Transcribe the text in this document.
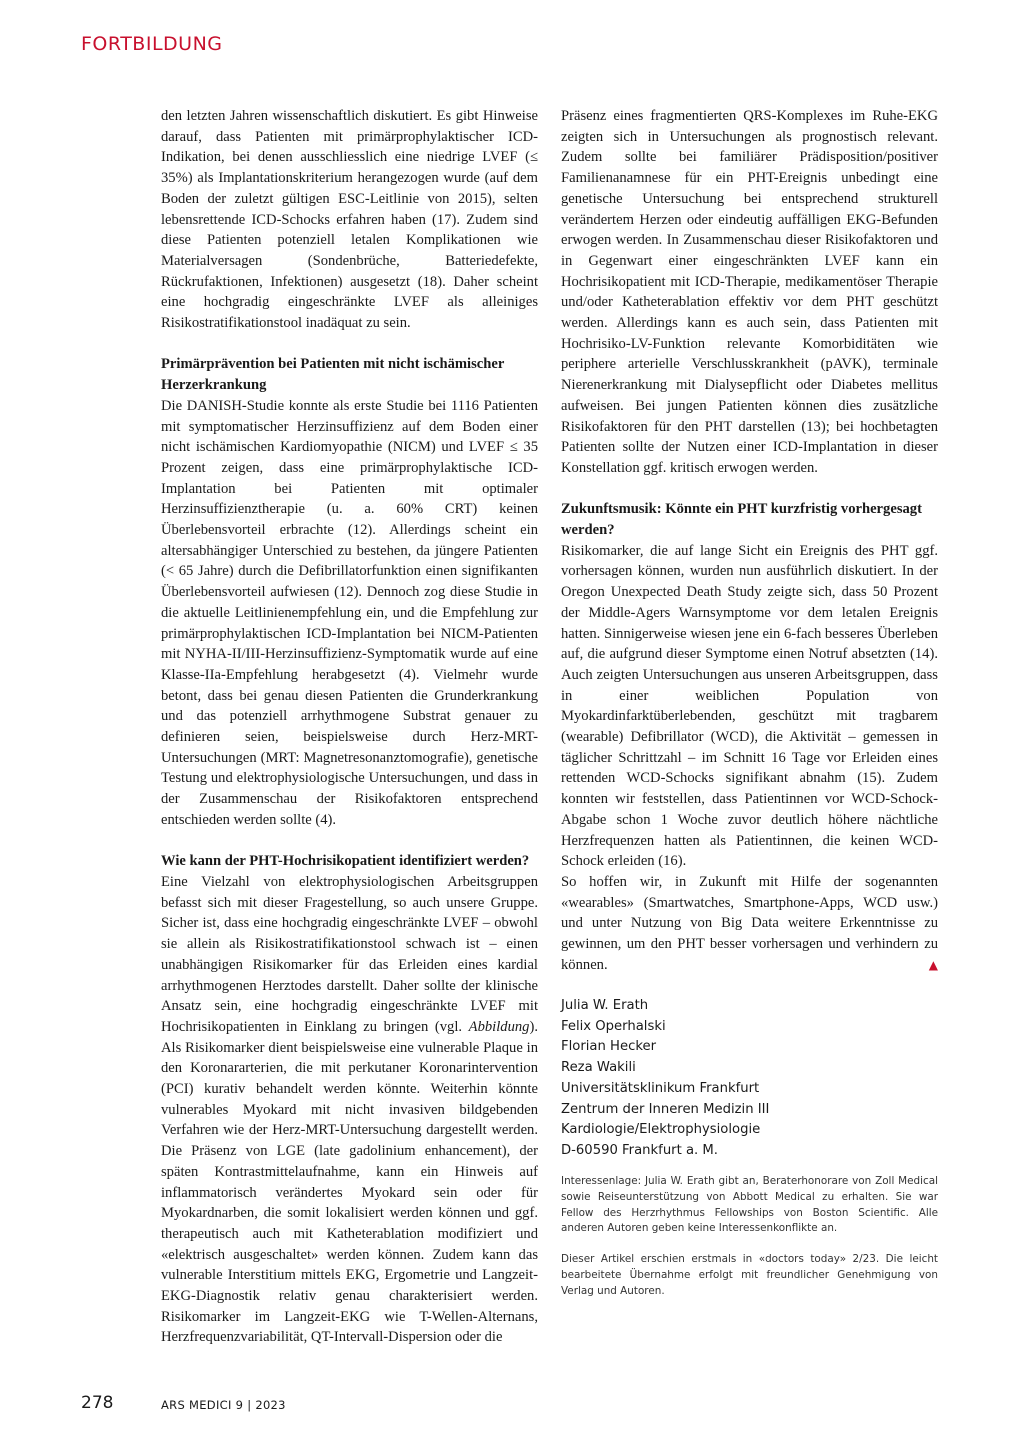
FORTBILDUNG

den letzten Jahren wissenschaftlich diskutiert. Es gibt Hinweise darauf, dass Patienten mit primärprophylaktischer ICD-Indikation, bei denen ausschliesslich eine niedrige LVEF (≤ 35%) als Implantationskriterium herangezogen wurde (auf dem Boden der zuletzt gültigen ESC-Leitlinie von 2015), selten lebensrettende ICD-Schocks erfahren haben (17). Zudem sind diese Patienten potenziell letalen Komplikationen wie Materialversagen (Sondenbrüche, Batteriedefekte, Rückrufaktionen, Infektionen) ausgesetzt (18). Daher scheint eine hochgradig eingeschränkte LVEF als alleiniges Risikostratifikationstool inadäquat zu sein.

Primärprävention bei Patienten mit nicht ischämischer Herzerkrankung

Die DANISH-Studie konnte als erste Studie bei 1116 Patienten mit symptomatischer Herzinsuffizienz auf dem Boden einer nicht ischämischen Kardiomyopathie (NICM) und LVEF ≤ 35 Prozent zeigen, dass eine primärprophylaktische ICD-Implantation bei Patienten mit optimaler Herzinsuffizienztherapie (u. a. 60% CRT) keinen Überlebensvorteil erbrachte (12). Allerdings scheint ein altersabhängiger Unterschied zu bestehen, da jüngere Patienten (< 65 Jahre) durch die Defibrillatorfunktion einen signifikanten Überlebensvorteil aufwiesen (12). Dennoch zog diese Studie in die aktuelle Leitlinienempfehlung ein, und die Empfehlung zur primärprophylaktischen ICD-Implantation bei NICM-Patienten mit NYHA-II/III-Herzinsuffizienz-Symptomatik wurde auf eine Klasse-IIa-Empfehlung herabgesetzt (4). Vielmehr wurde betont, dass bei genau diesen Patienten die Grunderkrankung und das potenziell arrhythmogene Substrat genauer zu definieren seien, beispielsweise durch Herz-MRT-Untersuchungen (MRT: Magnetresonanztomografie), genetische Testung und elektrophysiologische Untersuchungen, und dass in der Zusammenschau der Risikofaktoren entsprechend entschieden werden sollte (4).

Wie kann der PHT-Hochrisikopatient identifiziert werden?

Eine Vielzahl von elektrophysiologischen Arbeitsgruppen befasst sich mit dieser Fragestellung, so auch unsere Gruppe. Sicher ist, dass eine hochgradig eingeschränkte LVEF – obwohl sie allein als Risikostratifikationstool schwach ist – einen unabhängigen Risikomarker für das Erleiden eines kardial arrhythmogenen Herztodes darstellt. Daher sollte der klinische Ansatz sein, eine hochgradig eingeschränkte LVEF mit Hochrisikopatienten in Einklang zu bringen (vgl. Abbildung). Als Risikomarker dient beispielsweise eine vulnerable Plaque in den Koronararterien, die mit perkutaner Koronarintervention (PCI) kurativ behandelt werden könnte. Weiterhin könnte vulnerables Myokard mit nicht invasiven bildgebenden Verfahren wie der Herz-MRT-Untersuchung dargestellt werden. Die Präsenz von LGE (late gadolinium enhancement), der späten Kontrastmittelaufnahme, kann ein Hinweis auf inflammatorisch verändertes Myokard sein oder für Myokardnarben, die somit lokalisiert werden können und ggf. therapeutisch auch mit Katheterablation modifiziert und «elektrisch ausgeschaltet» werden können. Zudem kann das vulnerable Interstitium mittels EKG, Ergometrie und Langzeit-EKG-Diagnostik relativ genau charakterisiert werden. Risikomarker im Langzeit-EKG wie T-Wellen-Alternans, Herzfrequenzvariabilität, QT-Intervall-Dispersion oder die

Präsenz eines fragmentierten QRS-Komplexes im Ruhe-EKG zeigten sich in Untersuchungen als prognostisch relevant. Zudem sollte bei familiärer Prädisposition/positiver Familienanamnese für ein PHT-Ereignis unbedingt eine genetische Untersuchung bei entsprechend strukturell verändertem Herzen oder eindeutig auffälligen EKG-Befunden erwogen werden. In Zusammenschau dieser Risikofaktoren und in Gegenwart einer eingeschränkten LVEF kann ein Hochrisikopatient mit ICD-Therapie, medikamentöser Therapie und/oder Katheterablation effektiv vor dem PHT geschützt werden. Allerdings kann es auch sein, dass Patienten mit Hochrisiko-LV-Funktion relevante Komorbiditäten wie periphere arterielle Verschlusskrankheit (pAVK), terminale Nierenerkrankung mit Dialysepflicht oder Diabetes mellitus aufweisen. Bei jungen Patienten können dies zusätzliche Risikofaktoren für den PHT darstellen (13); bei hochbetagten Patienten sollte der Nutzen einer ICD-Implantation in dieser Konstellation ggf. kritisch erwogen werden.

Zukunftsmusik: Könnte ein PHT kurzfristig vorhergesagt werden?

Risikomarker, die auf lange Sicht ein Ereignis des PHT ggf. vorhersagen können, wurden nun ausführlich diskutiert. In der Oregon Unexpected Death Study zeigte sich, dass 50 Prozent der Middle-Agers Warnsymptome vor dem letalen Ereignis hatten. Sinnigerweise wiesen jene ein 6-fach besseres Überleben auf, die aufgrund dieser Symptome einen Notruf absetzten (14). Auch zeigten Untersuchungen aus unseren Arbeitsgruppen, dass in einer weiblichen Population von Myokardinfarktüberlebenden, geschützt mit tragbarem (wearable) Defibrillator (WCD), die Aktivität – gemessen in täglicher Schrittzahl – im Schnitt 16 Tage vor Erleiden eines rettenden WCD-Schocks signifikant abnahm (15). Zudem konnten wir feststellen, dass Patientinnen vor WCD-Schock-Abgabe schon 1 Woche zuvor deutlich höhere nächtliche Herzfrequenzen hatten als Patientinnen, die keinen WCD-Schock erleiden (16).

So hoffen wir, in Zukunft mit Hilfe der sogenannten «wearables» (Smartwatches, Smartphone-Apps, WCD usw.) und unter Nutzung von Big Data weitere Erkenntnisse zu gewinnen, um den PHT besser vorhersagen und verhindern zu können.	▲

Julia W. Erath
Felix Operhalski
Florian Hecker
Reza Wakili
Universitätsklinikum Frankfurt
Zentrum der Inneren Medizin III
Kardiologie/Elektrophysiologie
D-60590 Frankfurt a. M.

Interessenlage: Julia W. Erath gibt an, Beraterhonorare von Zoll Medical sowie Reiseunterstützung von Abbott Medical zu erhalten. Sie war Fellow des Herzrhythmus Fellowships von Boston Scientific. Alle anderen Autoren geben keine Interessenkonflikte an.

Dieser Artikel erschien erstmals in «doctors today» 2/23. Die leicht bearbeitete Übernahme erfolgt mit freundlicher Genehmigung von Verlag und Autoren.

278	ARS MEDICI 9 | 2023
